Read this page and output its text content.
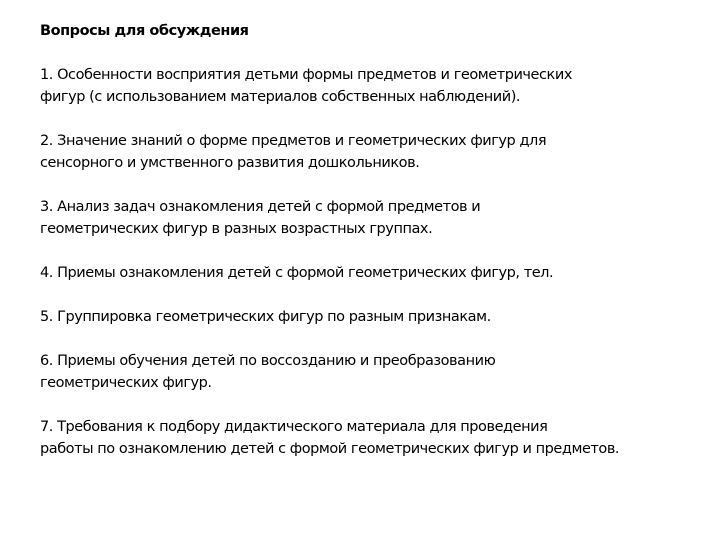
Вопросы для обсуждения

1. Особенности восприятия детьми формы предметов и геометрических
фигур (с использованием материалов собственных наблюдений).

2. Значение знаний о форме предметов и геометрических фигур для
сенсорного и умственного развития дошкольников.

3. Анализ задач ознакомления детей с формой предметов и
геометрических фигур в разных возрастных группах.

4. Приемы ознакомления детей с формой геометрических фигур, тел.

5. Группировка геометрических фигур по разным признакам.

6. Приемы обучения детей по воссозданию и преобразованию
геометрических фигур.

7. Требования к подбору дидактического материала для проведения
работы по ознакомлению детей с формой геометрических фигур и предметов.
